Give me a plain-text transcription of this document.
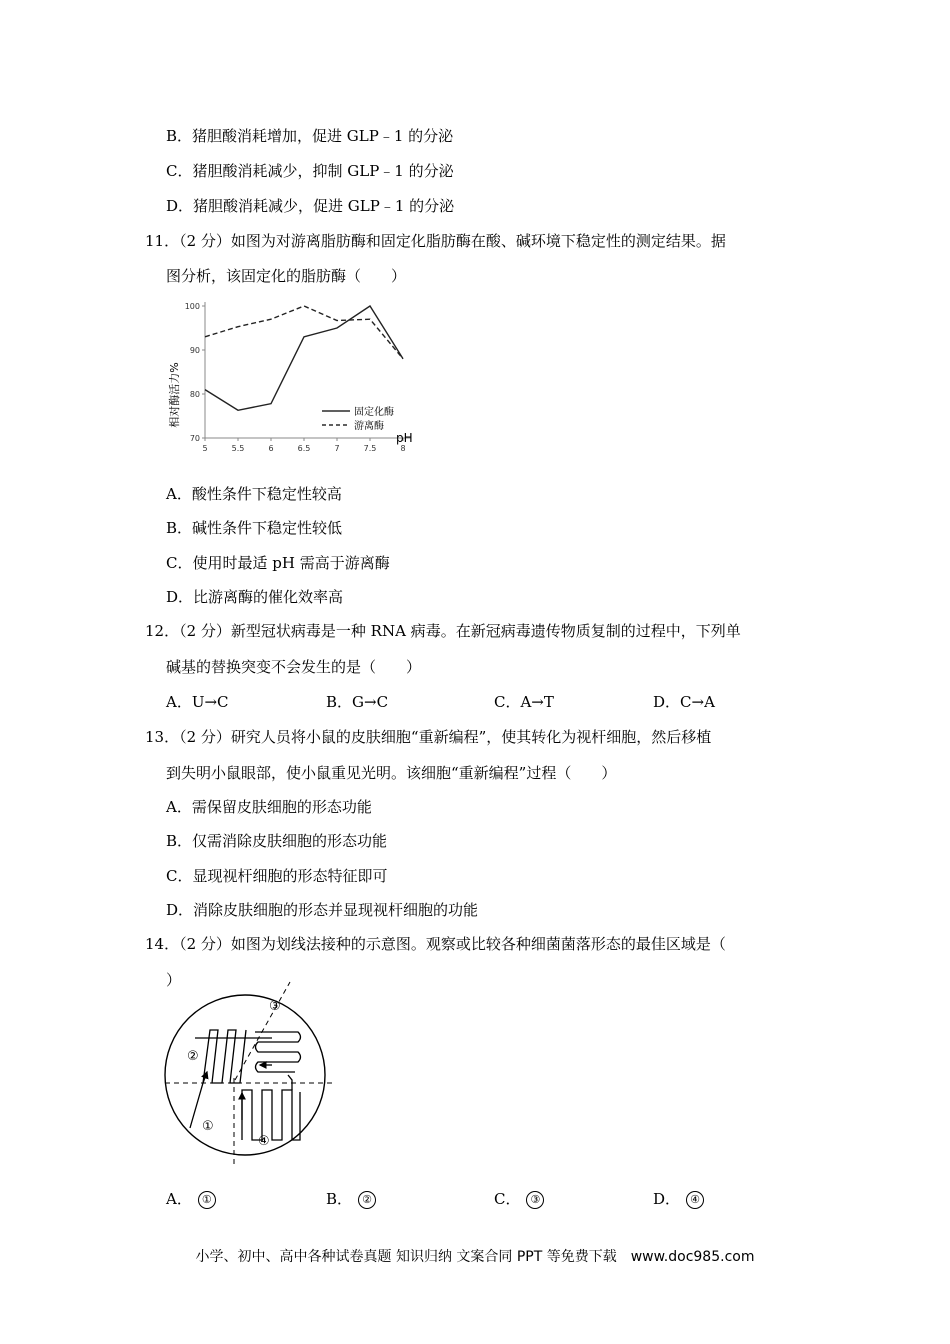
B．猪胆酸消耗增加，促进 GLP﹣1 的分泌
C．猪胆酸消耗减少，抑制 GLP﹣1 的分泌
D．猪胆酸消耗减少，促进 GLP﹣1 的分泌
11．（2 分）如图为对游离脂肪酶和固定化脂肪酶在酸、碱环境下稳定性的测定结果。据
图分析，该固定化的脂肪酶（　　）
70
80
90
100
5	5.5	6	6.5	7	7.5	8
固定化酶
游离酶
pH
相对酶活力%
A．酸性条件下稳定性较高
B．碱性条件下稳定性较低
C．使用时最适 pH 需高于游离酶
D．比游离酶的催化效率高
12．（2 分）新型冠状病毒是一种 RNA 病毒。在新冠病毒遗传物质复制的过程中，下列单
碱基的替换突变不会发生的是（　　）
A．U→C	B．G→C	C．A→T	D．C→A
13．（2 分）研究人员将小鼠的皮肤细胞“重新编程”，使其转化为视杆细胞，然后移植
到失明小鼠眼部，使小鼠重见光明。该细胞“重新编程”过程（　　）
A．需保留皮肤细胞的形态功能
B．仅需消除皮肤细胞的形态功能
C．显现视杆细胞的形态特征即可
D．消除皮肤细胞的形态并显现视杆细胞的功能
14．（2 分）如图为划线法接种的示意图。观察或比较各种细菌菌落形态的最佳区域是（
）
①
②
③
④
A． ①	B． ②	C． ③	D． ④
小学、初中、高中各种试卷真题 知识归纳 文案合同 PPT 等免费下载　www.doc985.com
